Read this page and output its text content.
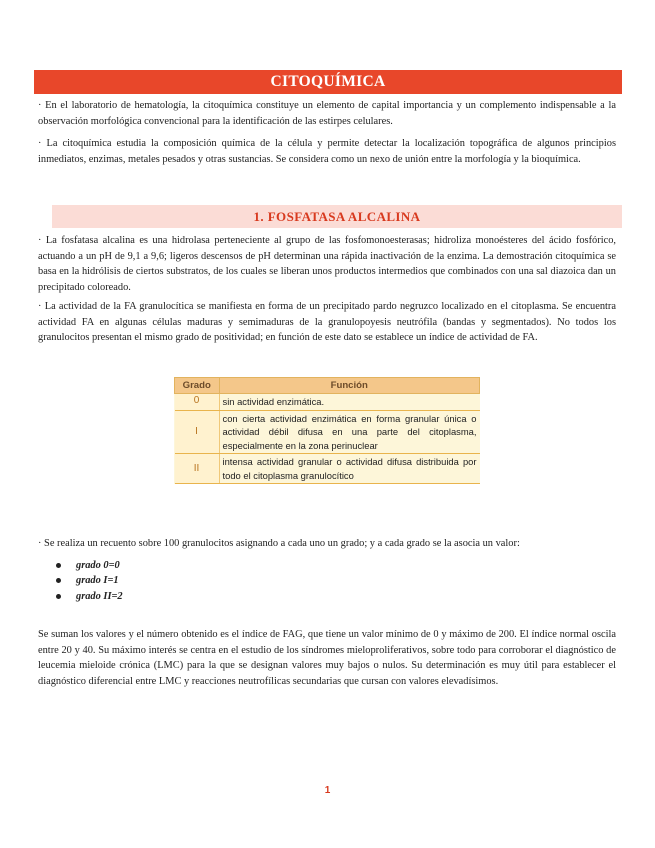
CITOQUÍMICA

· En el laboratorio de hematología, la citoquímica constituye un elemento de capital importancia y un complemento indispensable a la observación morfológica convencional para la identificación de las estirpes celulares.

· La citoquímica estudia la composición química de la célula y permite detectar la localización topográfica de algunos principios inmediatos, enzimas, metales pesados y otras sustancias. Se considera como un nexo de unión entre la morfología y la bioquímica.

1. FOSFATASA ALCALINA

· La fosfatasa alcalina es una hidrolasa perteneciente al grupo de las fosfomonoesterasas; hidroliza monoésteres del ácido fosfórico, actuando a un pH de 9,1 a 9,6; ligeros descensos de pH determinan una rápida inactivación de la enzima. La demostración citoquímica se basa en la hidrólisis de ciertos substratos, de los cuales se liberan unos productos intermedios que combinados con una sal diazoica dan un precipitado coloreado.

· La actividad de la FA granulocítica se manifiesta en forma de un precipitado pardo negruzco localizado en el citoplasma. Se encuentra actividad FA en algunas células maduras y semimaduras de la granulopoyesis neutrófila (bandas y segmentados). No todos los granulocitos presentan el mismo grado de positividad; en función de este dato se establece un índice de actividad de FA.

Grado	Función
0	sin actividad enzimática.
I	con cierta actividad enzimática en forma granular única o actividad débil difusa en una parte del citoplasma, especialmente en la zona perinuclear
II	intensa actividad granular o actividad difusa distribuida por todo el citoplasma granulocítico

· Se realiza un recuento sobre 100 granulocitos asignando a cada uno un grado; y a cada grado se la asocia un valor:

grado 0=0
grado I=1
grado II=2

Se suman los valores y el número obtenido es el índice de FAG, que tiene un valor mínimo de 0 y máximo de 200. El índice normal oscila entre 20 y 40. Su máximo interés se centra en el estudio de los síndromes mieloproliferativos, sobre todo para corroborar el diagnóstico de leucemia mieloide crónica (LMC) para la que se designan valores muy bajos o nulos. Su determinación es muy útil para establecer el diagnóstico diferencial entre LMC y reacciones neutrofílicas secundarias que cursan con valores elevadísimos.

1
